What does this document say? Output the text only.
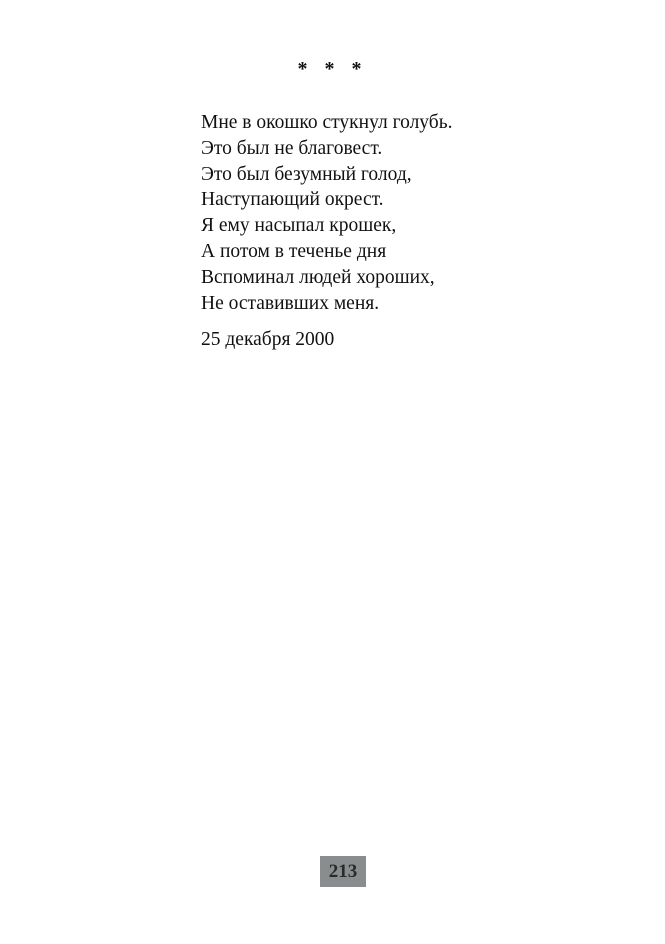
* * *
Мне в окошко стукнул голубь.
Это был не благовест.
Это был безумный голод,
Наступающий окрест.
Я ему насыпал крошек,
А потом в теченье дня
Вспоминал людей хороших,
Не оставивших меня.
25 декабря 2000
213
